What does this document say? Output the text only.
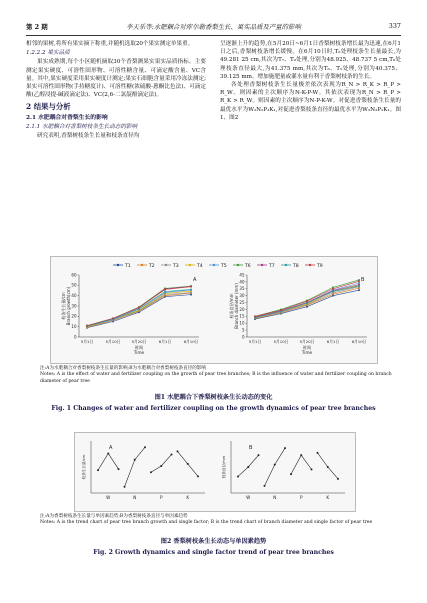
第 2 期	李天乐等:水肥耦合对库尔勒香梨生长、果实品质及产量的影响	337

相邻的果树,将所有果实摘下称重,并随机选取20个果实测定单果重。

1.2.2.2 果实品质

果实成熟期,每个小区随机摘取30个香梨测果实果实品质指标。主要测定果实硬度、可溶性固形物、可溶性糖含量、可滴定酸含量、VC含量。其中,果实硬度采用果实硬度计测定;果实石细胞含量采用冷冻法测定;果实可溶性固形物(手持糖度计)、可溶性糖(浓硫酸-蒽酮比色法)、可滴定酸(乙醇浸提-碱液滴定法)、VC(2,6-二氯靛酚滴定法)。

2 结果与分析
2.1 水肥耦合对香梨生长的影响
2.1.1 水肥耦合对香梨树枝条生长动态的影响

研究表明,香梨树枝条生长量和枝条直径均

呈逐渐上升的趋势,在5月20日~6月1日香梨树枝条增长最为迅速,在6月1日之后,香梨树枝条增长缓慢。在6月10日时,T₆处理枝条生长量最长,为49.281 25 cm,其次为T₇、T₉处理,分别为48.925、48.737 5 cm,T₆处理枝条直径最大,为41.375 mm,其次为T₆、T₅处理,分别为40.375、39.125 mm。增加施肥量或灌水量有利于香梨树枝条的生长。

各处理香梨树枝条生长量极差依次表现为R_N > R_K > R_P > R_W。则因素的主次顺序为N-K-P-W。其依次表现为R_N > R_P > R_K > R_W。则因素的主次顺序为N-P-K-W。对促进香梨枝条生长量的最优水平为W₂N₂P₃K₁,对促进香梨枝条直径的最优水平为W₃N₃P₂K₁。图1、图2

T1	T2	T3	T4	T5	T6	T7	T8	T9
0
10
20
30
40
50
60
5月1日	5月10日	5月20日	6月1日	6月10日
时间
Time
枝条生长量/cmBranch growth(cm)
A
0
5
10
15
20
25
30
35
40
45
5月1日	5月10日	5月20日	6月1日	6月10日
时间
Time
枝条直径/mmBranch diameter (mm)
B
注:A为水肥耦合对香梨树枝条生长量的影响;B为水肥耦合对香梨树枝条直径的影响
Notes: A is the effect of water and fertilizer coupling on the growth of pear tree branches; B is the influence of water and fertilizer coupling on branch diameter of pear tree
图1 水肥耦合下香梨树枝条生长动态的变化
Fig. 1 Changes of water and fertilizer coupling on the growth dynamics of pear tree branches
枝条生长量/cm
A
W	N	P	K
枝条直径/mm
B
W	N	P	K
注:A为香梨树枝条生长量与单因素趋势;B为香梨树枝条直径与单因素趋势
Notes: A is the trend chart of pear tree branch growth and single factor; B is the trend chart of branch diameter and single factor of pear tree
图2 香梨树枝条生长动态与单因素趋势
Fig. 2 Growth dynamics and single factor trend of pear tree branches
